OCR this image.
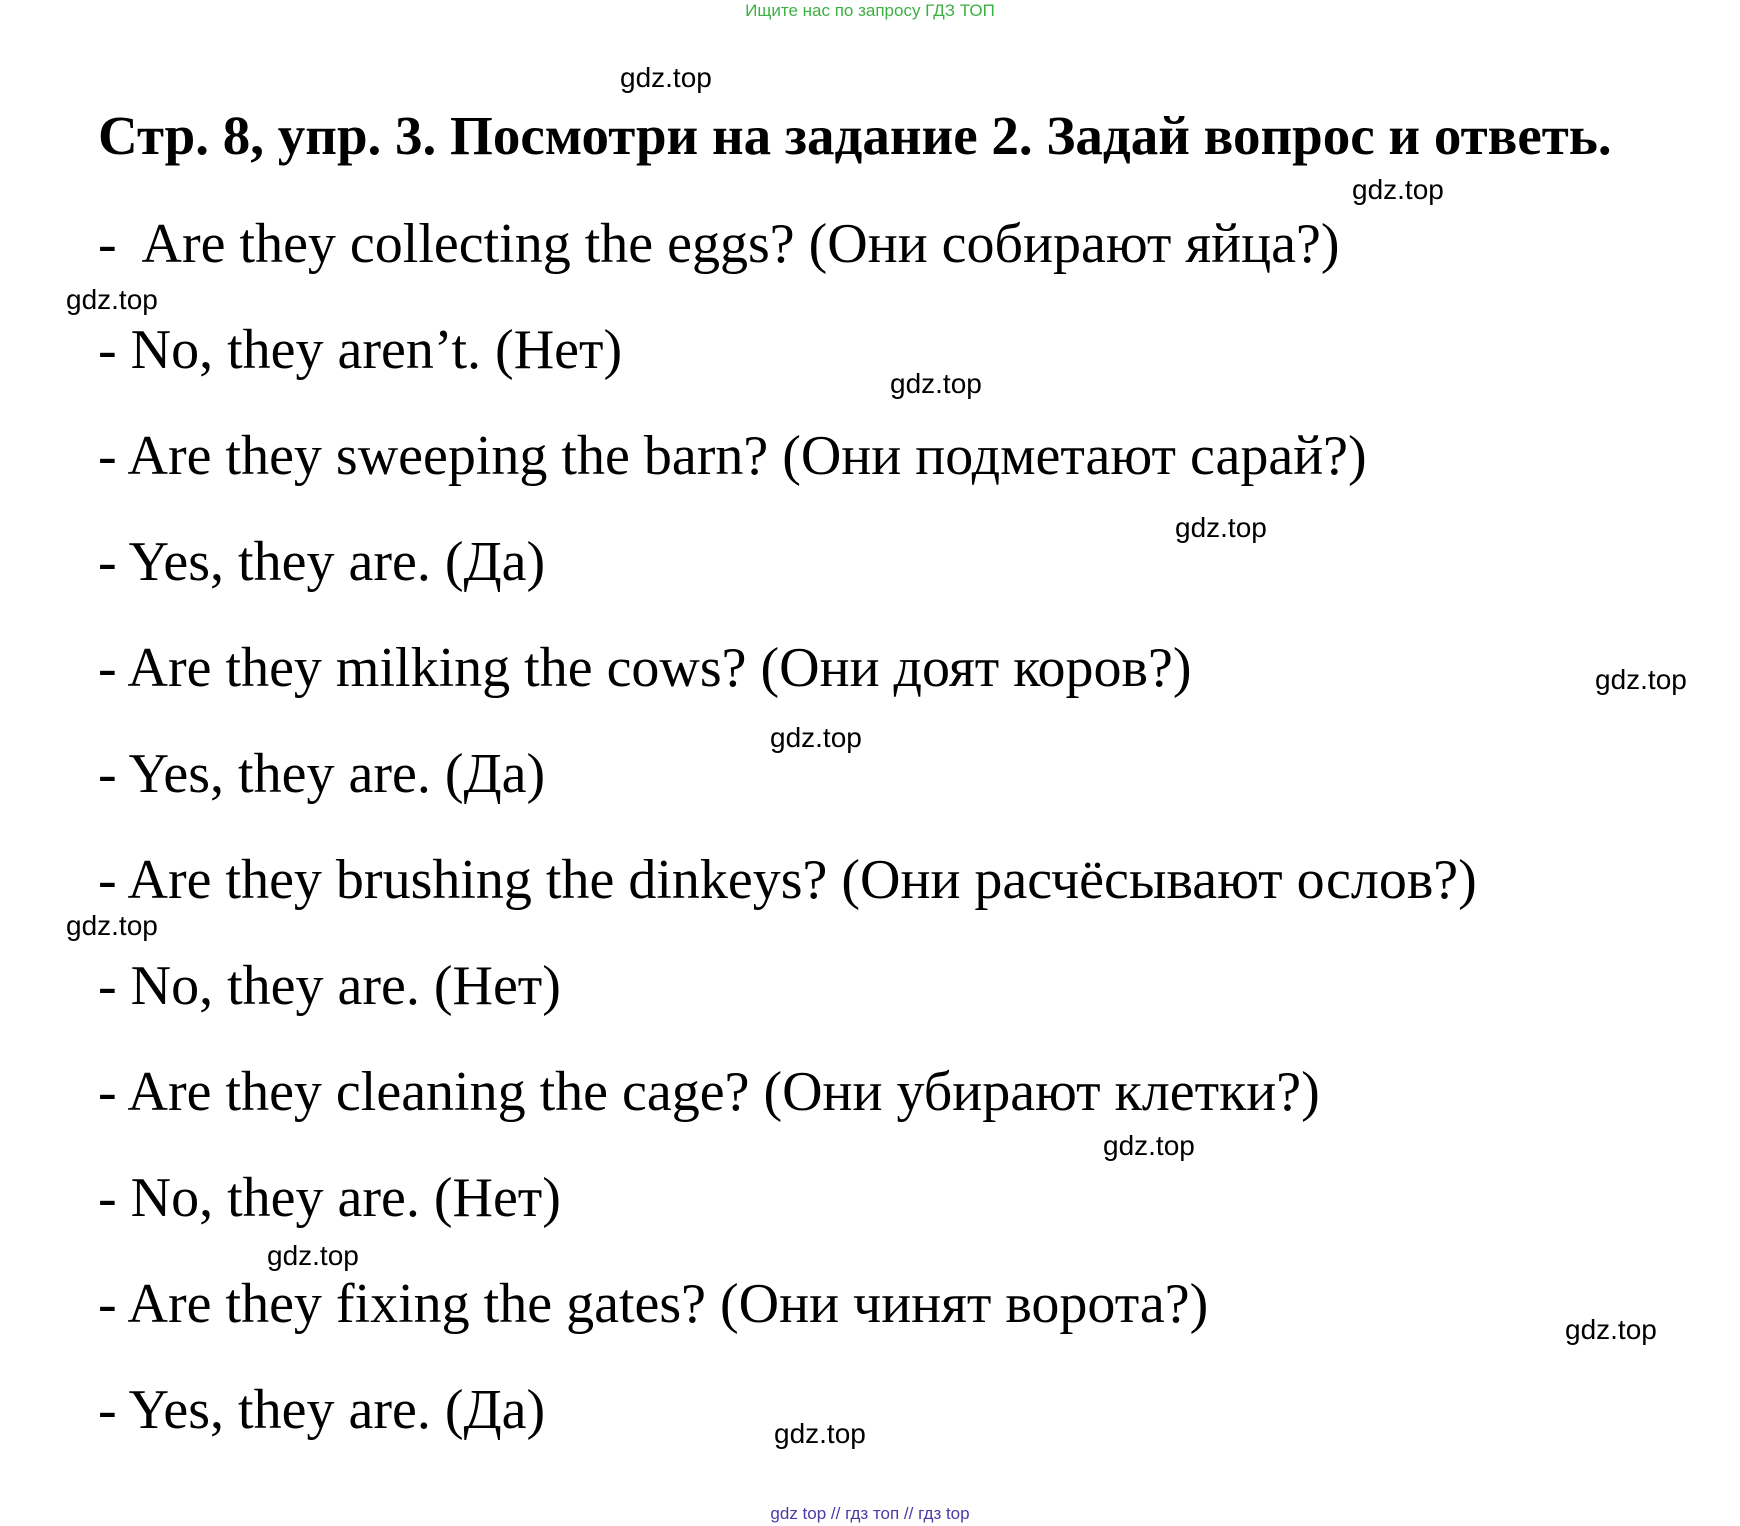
Ищите нас по запросу ГДЗ ТОП
gdz.top
Стр. 8, упр. 3. Посмотри на задание 2. Задай вопрос и ответь.
gdz.top
-  Are they collecting the eggs? (Они собирают яйца?)
gdz.top
- No, they aren’t. (Нет)
gdz.top
- Are they sweeping the barn? (Они подметают сарай?)
gdz.top
- Yes, they are. (Да)
- Are they milking the cows? (Они доят коров?)	gdz.top
gdz.top
- Yes, they are. (Да)
- Are they brushing the dinkeys? (Они расчёсывают ослов?)
gdz.top
- No, they are. (Нет)
- Are they cleaning the cage? (Они убирают клетки?)
gdz.top
- No, they are. (Нет)
gdz.top
- Are they fixing the gates? (Они чинят ворота?)	gdz.top
- Yes, they are. (Да)	gdz.top
gdz top // гдз топ // гдз top
